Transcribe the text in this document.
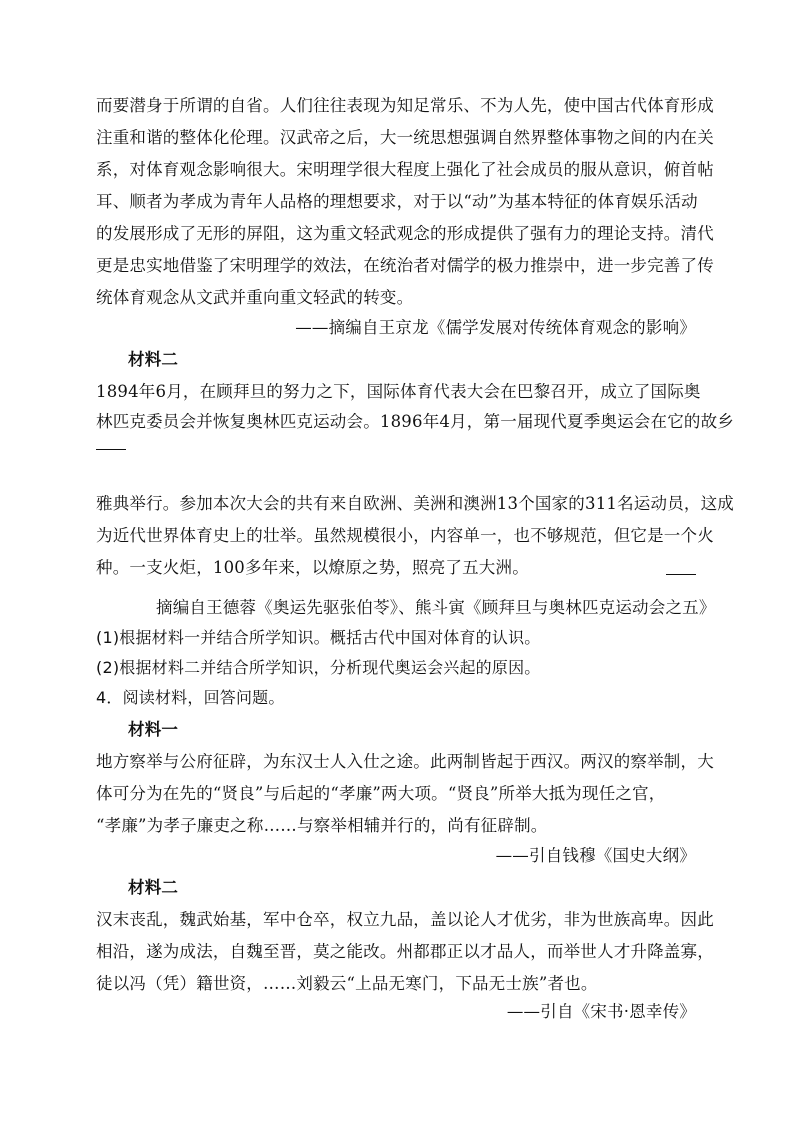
而要潜身于所谓的自省。人们往往表现为知足常乐、不为人先，使中国古代体育形成
注重和谐的整体化伦理。汉武帝之后，大一统思想强调自然界整体事物之间的内在关
系，对体育观念影响很大。宋明理学很大程度上强化了社会成员的服从意识，俯首帖
耳、顺者为孝成为青年人品格的理想要求，对于以“动”为基本特征的体育娱乐活动
的发展形成了无形的屏阻，这为重文轻武观念的形成提供了强有力的理论支持。清代
更是忠实地借鉴了宋明理学的效法，在统治者对儒学的极力推崇中，进一步完善了传
统体育观念从文武并重向重文轻武的转变。
——摘编自王京龙《儒学发展对传统体育观念的影响》
材料二
1894年6月，在顾拜旦的努力之下，国际体育代表大会在巴黎召开，成立了国际奥
林匹克委员会并恢复奥林匹克运动会。1896年4月，第一届现代夏季奥运会在它的故乡
雅典举行。参加本次大会的共有来自欧洲、美洲和澳洲13个国家的311名运动员，这成
为近代世界体育史上的壮举。虽然规模很小，内容单一，也不够规范，但它是一个火
种。一支火炬，100多年来，以燎原之势，照亮了五大洲。
摘编自王德蓉《奥运先驱张伯苓》、熊斗寅《顾拜旦与奥林匹克运动会之五》
(1)根据材料一并结合所学知识。概括古代中国对体育的认识。
(2)根据材料二并结合所学知识，分析现代奥运会兴起的原因。
4．阅读材料，回答问题。
材料一
地方察举与公府征辟，为东汉士人入仕之途。此两制皆起于西汉。两汉的察举制，大
体可分为在先的“贤良”与后起的“孝廉”两大项。“贤良”所举大抵为现任之官，
“孝廉”为孝子廉吏之称……与察举相辅并行的，尚有征辟制。
——引自钱穆《国史大纲》
材料二
汉末丧乱，魏武始基，军中仓卒，权立九品，盖以论人才优劣，非为世族高卑。因此
相沿，遂为成法，自魏至晋，莫之能改。州都郡正以才品人，而举世人才升降盖寡，
徒以冯（凭）籍世资，……刘毅云“上品无寒门，下品无士族”者也。
——引自《宋书·恩幸传》
